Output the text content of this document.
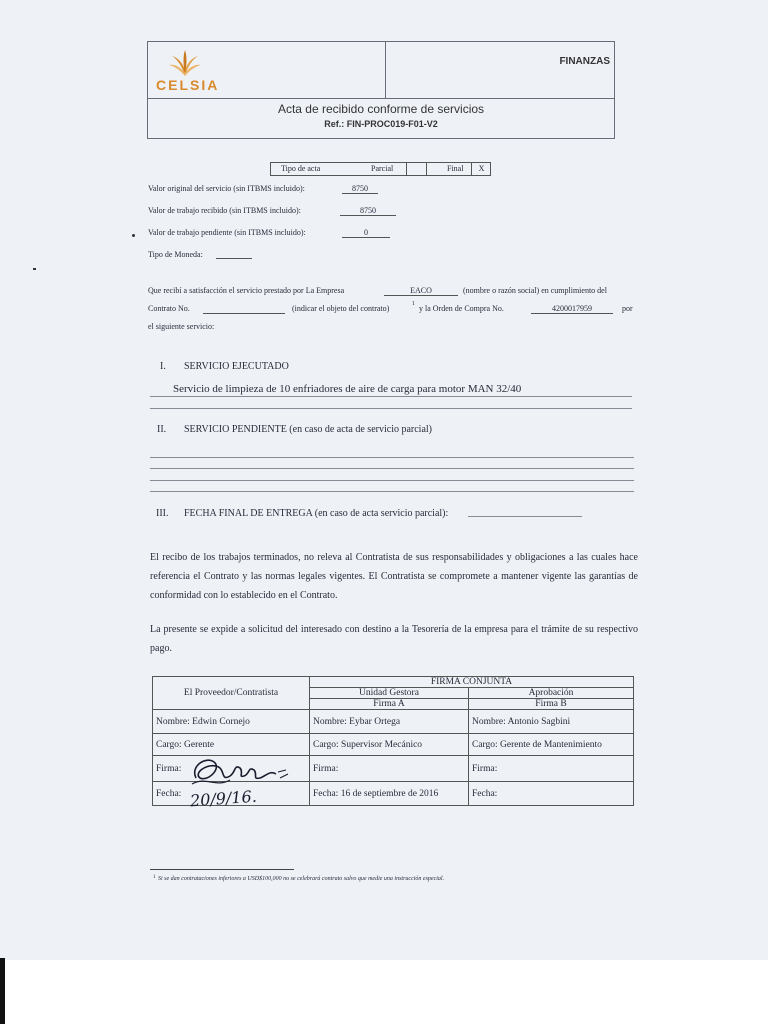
CELSIA
FINANZAS
Acta de recibido conforme de servicios
Ref.: FIN-PROC019-F01-V2
Tipo de acta	Parcial	Final	X
Valor original del servicio (sin ITBMS incluido):	8750
Valor de trabajo recibido (sin ITBMS incluido):	8750
Valor de trabajo pendiente (sin ITBMS incluido):	0
Tipo de Moneda:
Que recibí a satisfacción el servicio prestado por La Empresa	EACO	(nombre o razón social) en cumplimiento del
Contrato No.	(indicar el objeto del contrato)	1 y la Orden de Compra No.	4200017959	por
el siguiente servicio:
I. SERVICIO EJECUTADO
Servicio de limpieza de 10 enfriadores de aire de carga para motor MAN 32/40
II. SERVICIO PENDIENTE (en caso de acta de servicio parcial)
III. FECHA FINAL DE ENTREGA (en caso de acta servicio parcial):
El recibo de los trabajos terminados, no releva al Contratista de sus responsabilidades y obligaciones a las cuales hace referencia el Contrato y las normas legales vigentes. El Contratista se compromete a mantener vigente las garantías de conformidad con lo establecido en el Contrato.
La presente se expide a solicitud del interesado con destino a la Tesorería de la empresa para el trámite de su respectivo pago.
El Proveedor/Contratista	FIRMA CONJUNTA	
	Unidad Gestora	Aprobación
	Firma A	Firma B
Nombre: Edwin Cornejo	Nombre: Eybar Ortega	Nombre: Antonio Sagbini
Cargo: Gerente	Cargo: Supervisor Mecánico	Cargo: Gerente de Mantenimiento
Firma:	Firma:	Firma:
Fecha:	Fecha: 16 de septiembre de 2016	Fecha:
20/9/16.
1 Si se dan contrataciones inferiores a USD$100,000 no se celebrará contrato salvo que medie una instrucción especial.
